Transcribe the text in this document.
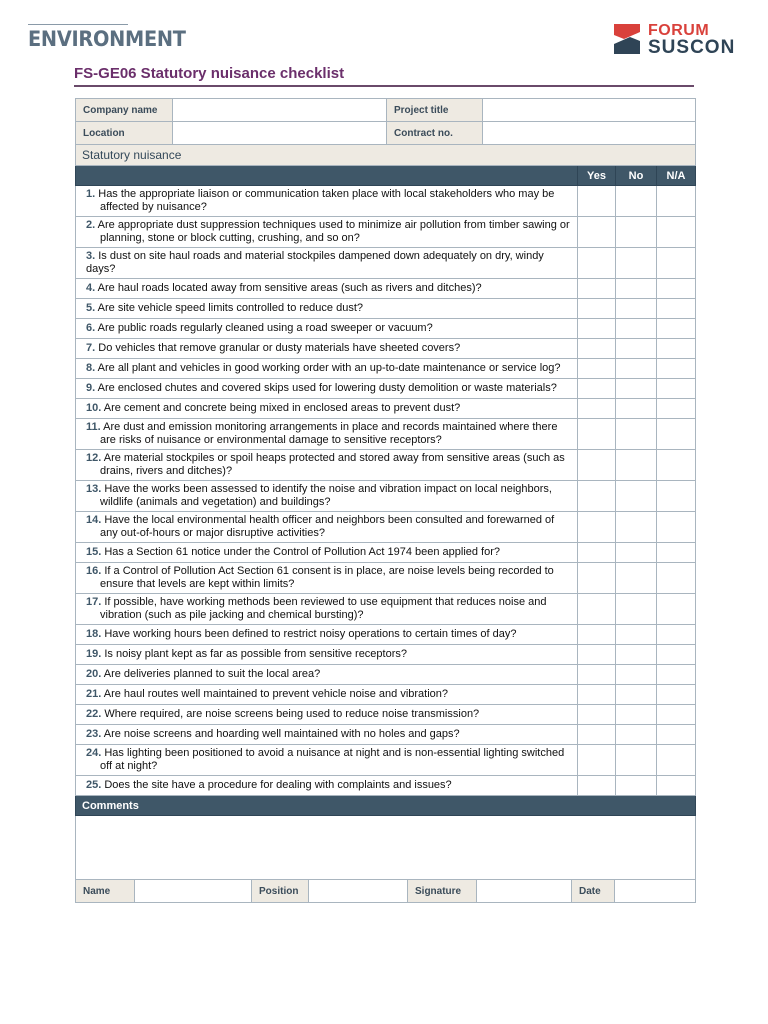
ENVIRONMENT	FORUM
SUSCON
FS-GE06 Statutory nuisance checklist
Company name		Project title	
Location		Contract no.	
Statutory nuisance			
	Yes	No	N/A
1. Has the appropriate liaison or communication taken place with local stakeholders who may be affected by nuisance?			
2. Are appropriate dust suppression techniques used to minimize air pollution from timber sawing or planning, stone or block cutting, crushing, and so on?			
3. Is dust on site haul roads and material stockpiles dampened down adequately on dry, windy days?			
4. Are haul roads located away from sensitive areas (such as rivers and ditches)?			
5. Are site vehicle speed limits controlled to reduce dust?			
6. Are public roads regularly cleaned using a road sweeper or vacuum?			
7. Do vehicles that remove granular or dusty materials have sheeted covers?			
8. Are all plant and vehicles in good working order with an up-to-date maintenance or service log?			
9. Are enclosed chutes and covered skips used for lowering dusty demolition or waste materials?			
10. Are cement and concrete being mixed in enclosed areas to prevent dust?			
11. Are dust and emission monitoring arrangements in place and records maintained where there are risks of nuisance or environmental damage to sensitive receptors?			
12. Are material stockpiles or spoil heaps protected and stored away from sensitive areas (such as drains, rivers and ditches)?			
13. Have the works been assessed to identify the noise and vibration impact on local neighbors, wildlife (animals and vegetation) and buildings?			
14. Have the local environmental health officer and neighbors been consulted and forewarned of any out-of-hours or major disruptive activities?			
15. Has a Section 61 notice under the Control of Pollution Act 1974 been applied for?			
16. If a Control of Pollution Act Section 61 consent is in place, are noise levels being recorded to ensure that levels are kept within limits?			
17. If possible, have working methods been reviewed to use equipment that reduces noise and vibration (such as pile jacking and chemical bursting)?			
18. Have working hours been defined to restrict noisy operations to certain times of day?			
19. Is noisy plant kept as far as possible from sensitive receptors?			
20. Are deliveries planned to suit the local area?			
21. Are haul routes well maintained to prevent vehicle noise and vibration?			
22. Where required, are noise screens being used to reduce noise transmission?			
23. Are noise screens and hoarding well maintained with no holes and gaps?			
24. Has lighting been positioned to avoid a nuisance at night and is non-essential lighting switched off at night?			
25. Does the site have a procedure for dealing with complaints and issues?			
Comments			

Name		Position		Signature		Date	
